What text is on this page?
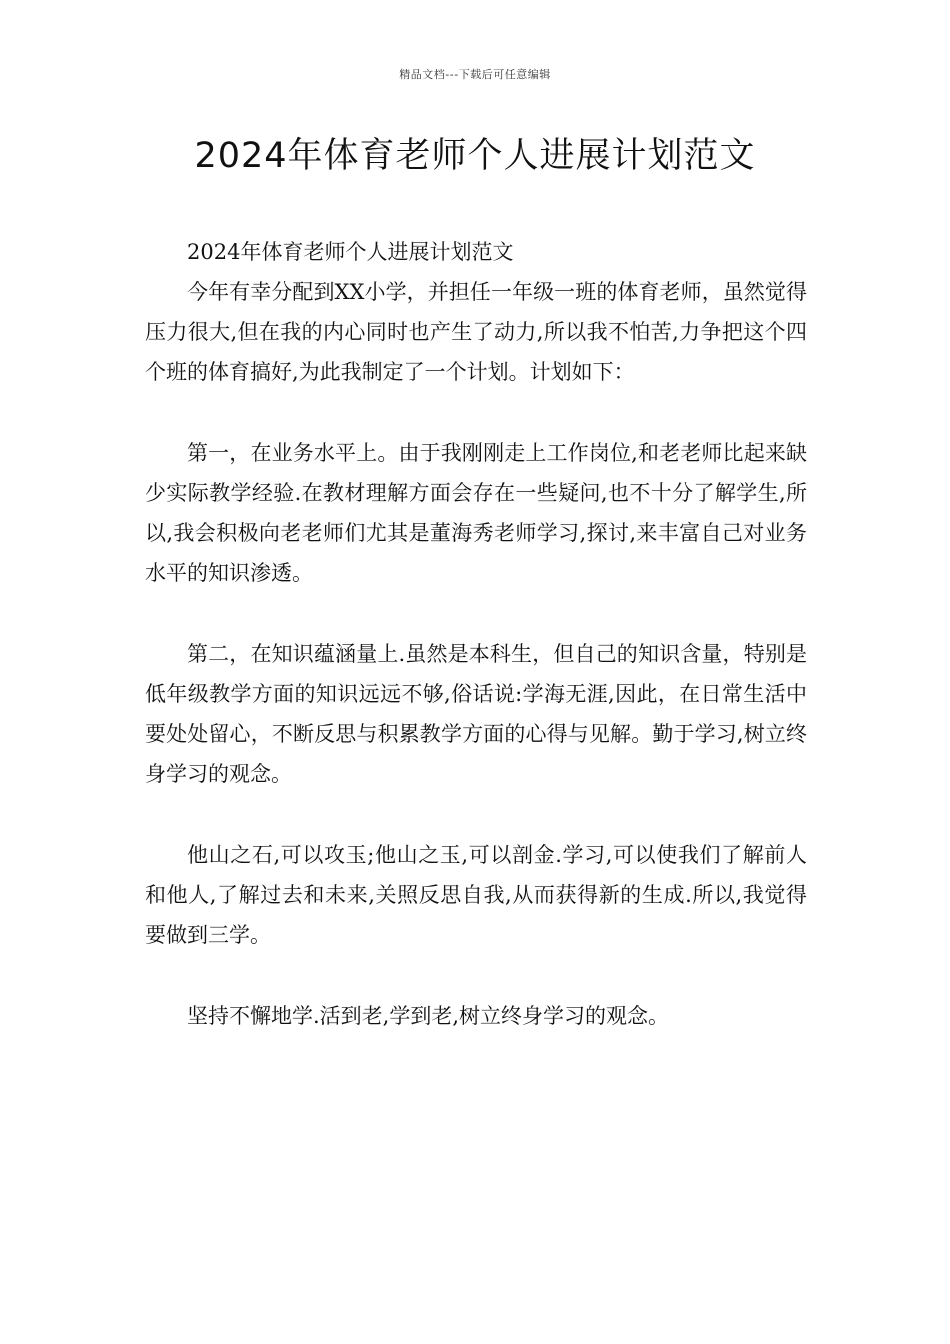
精品文档---下载后可任意编辑
2024年体育老师个人进展计划范文

2024年体育老师个人进展计划范文

今年有幸分配到XX小学，并担任一年级一班的体育老师，虽然觉得压力很大,但在我的内心同时也产生了动力,所以我不怕苦,力争把这个四个班的体育搞好,为此我制定了一个计划。计划如下：

第一，在业务水平上。由于我刚刚走上工作岗位,和老老师比起来缺少实际教学经验.在教材理解方面会存在一些疑问,也不十分了解学生,所以,我会积极向老老师们尤其是董海秀老师学习,探讨,来丰富自己对业务水平的知识渗透。

第二，在知识蕴涵量上.虽然是本科生，但自己的知识含量，特别是低年级教学方面的知识远远不够,俗话说:学海无涯,因此，在日常生活中要处处留心，不断反思与积累教学方面的心得与见解。勤于学习,树立终身学习的观念。

他山之石,可以攻玉;他山之玉,可以剖金.学习,可以使我们了解前人和他人,了解过去和未来,关照反思自我,从而获得新的生成.所以,我觉得要做到三学。

坚持不懈地学.活到老,学到老,树立终身学习的观念。
